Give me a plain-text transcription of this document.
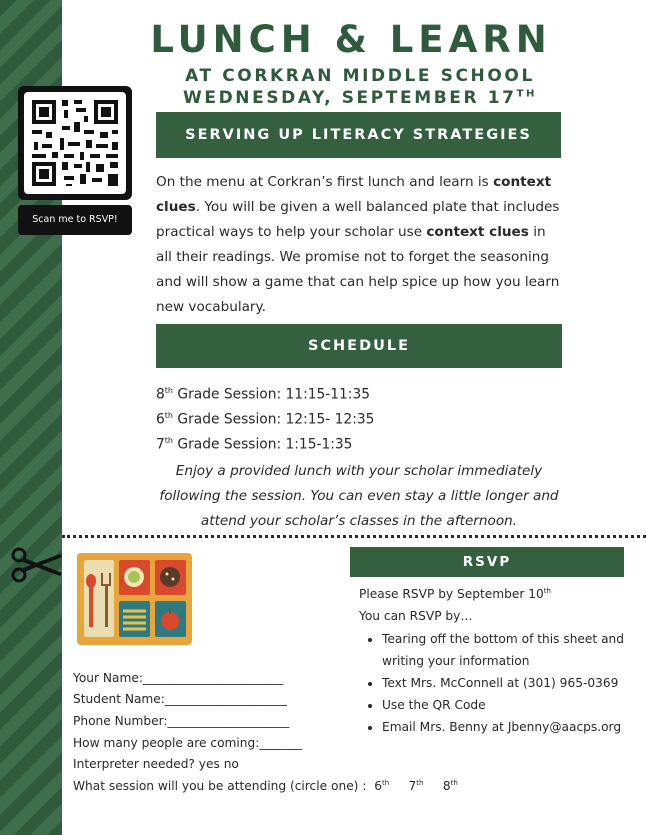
LUNCH & LEARN
AT CORKRAN MIDDLE SCHOOL
WEDNESDAY, SEPTEMBER 17TH
Scan me to RSVP!
SERVING UP LITERACY STRATEGIES
On the menu at Corkran’s first lunch and learn is context clues. You will be given a well balanced plate that includes practical ways to help your scholar use context clues in all their readings. We promise not to forget the seasoning and will show a game that can help spice up how you learn new vocabulary.
SCHEDULE
8th Grade Session: 11:15-11:35
6th Grade Session: 12:15- 12:35
7th Grade Session: 1:15-1:35
Enjoy a provided lunch with your scholar immediately following the session. You can even stay a little longer and attend your scholar’s classes in the afternoon.
RSVP
Please RSVP by September 10th
You can RSVP by…
• Tearing off the bottom of this sheet and writing your information
• Text Mrs. McConnell at (301) 965-0369
• Use the QR Code
• Email Mrs. Benny at Jbenny@aacps.org
Your Name:_______________________
Student Name:____________________
Phone Number:____________________
How many people are coming:_______
Interpreter needed? yes no
What session will you be attending (circle one) : 6th 7th 8th
